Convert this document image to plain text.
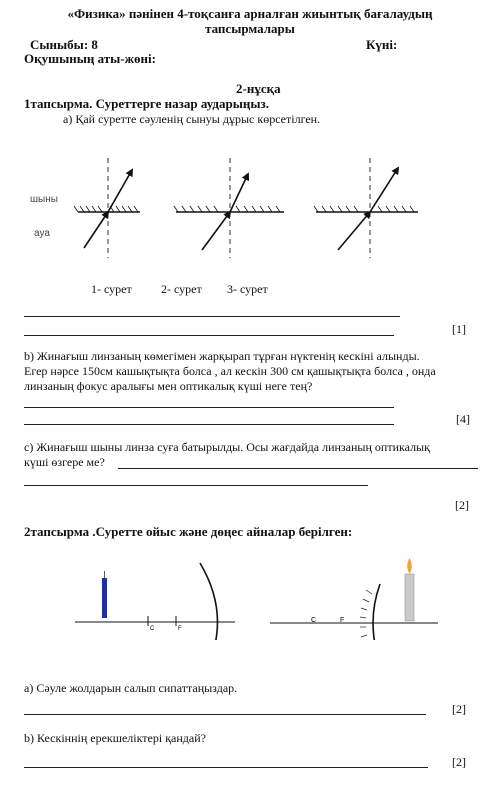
«Физика» пәнінен 4-тоқсанға арналған жиынтық бағалаудың
тапсырмалары
Сыныбы: 8	Күні:
Оқушының аты-жөні:
2-нұсқа
1тапсырма. Суреттерге назар аударыңыз.
а) Қай суретте сәуленің сынуы дұрыс көрсетілген.
шыны
ауа
1- сурет 2- сурет 3- сурет
[1]
b) Жинағыш линзаның көмегімен жарқырап тұрған нүктенің кескіні алынды.
Егер нәрсе 150см кашықтықта болса , ал кескін 300 см қашықтықта болса , онда
линзаның фокус аралығы мен оптикалық күші неге тең?
[4]
с) Жинағыш шыны линза суға батырылды. Осы жағдайда линзаның оптикалық
күші өзгере ме?
[2]
2тапсырма .Суретте ойыс және дөңес айналар берілген:
C	F
C	F
а) Сәуле жолдарын салып сипаттаңыздар.
[2]
b) Кескіннің ерекшеліктері қандай?
[2]
